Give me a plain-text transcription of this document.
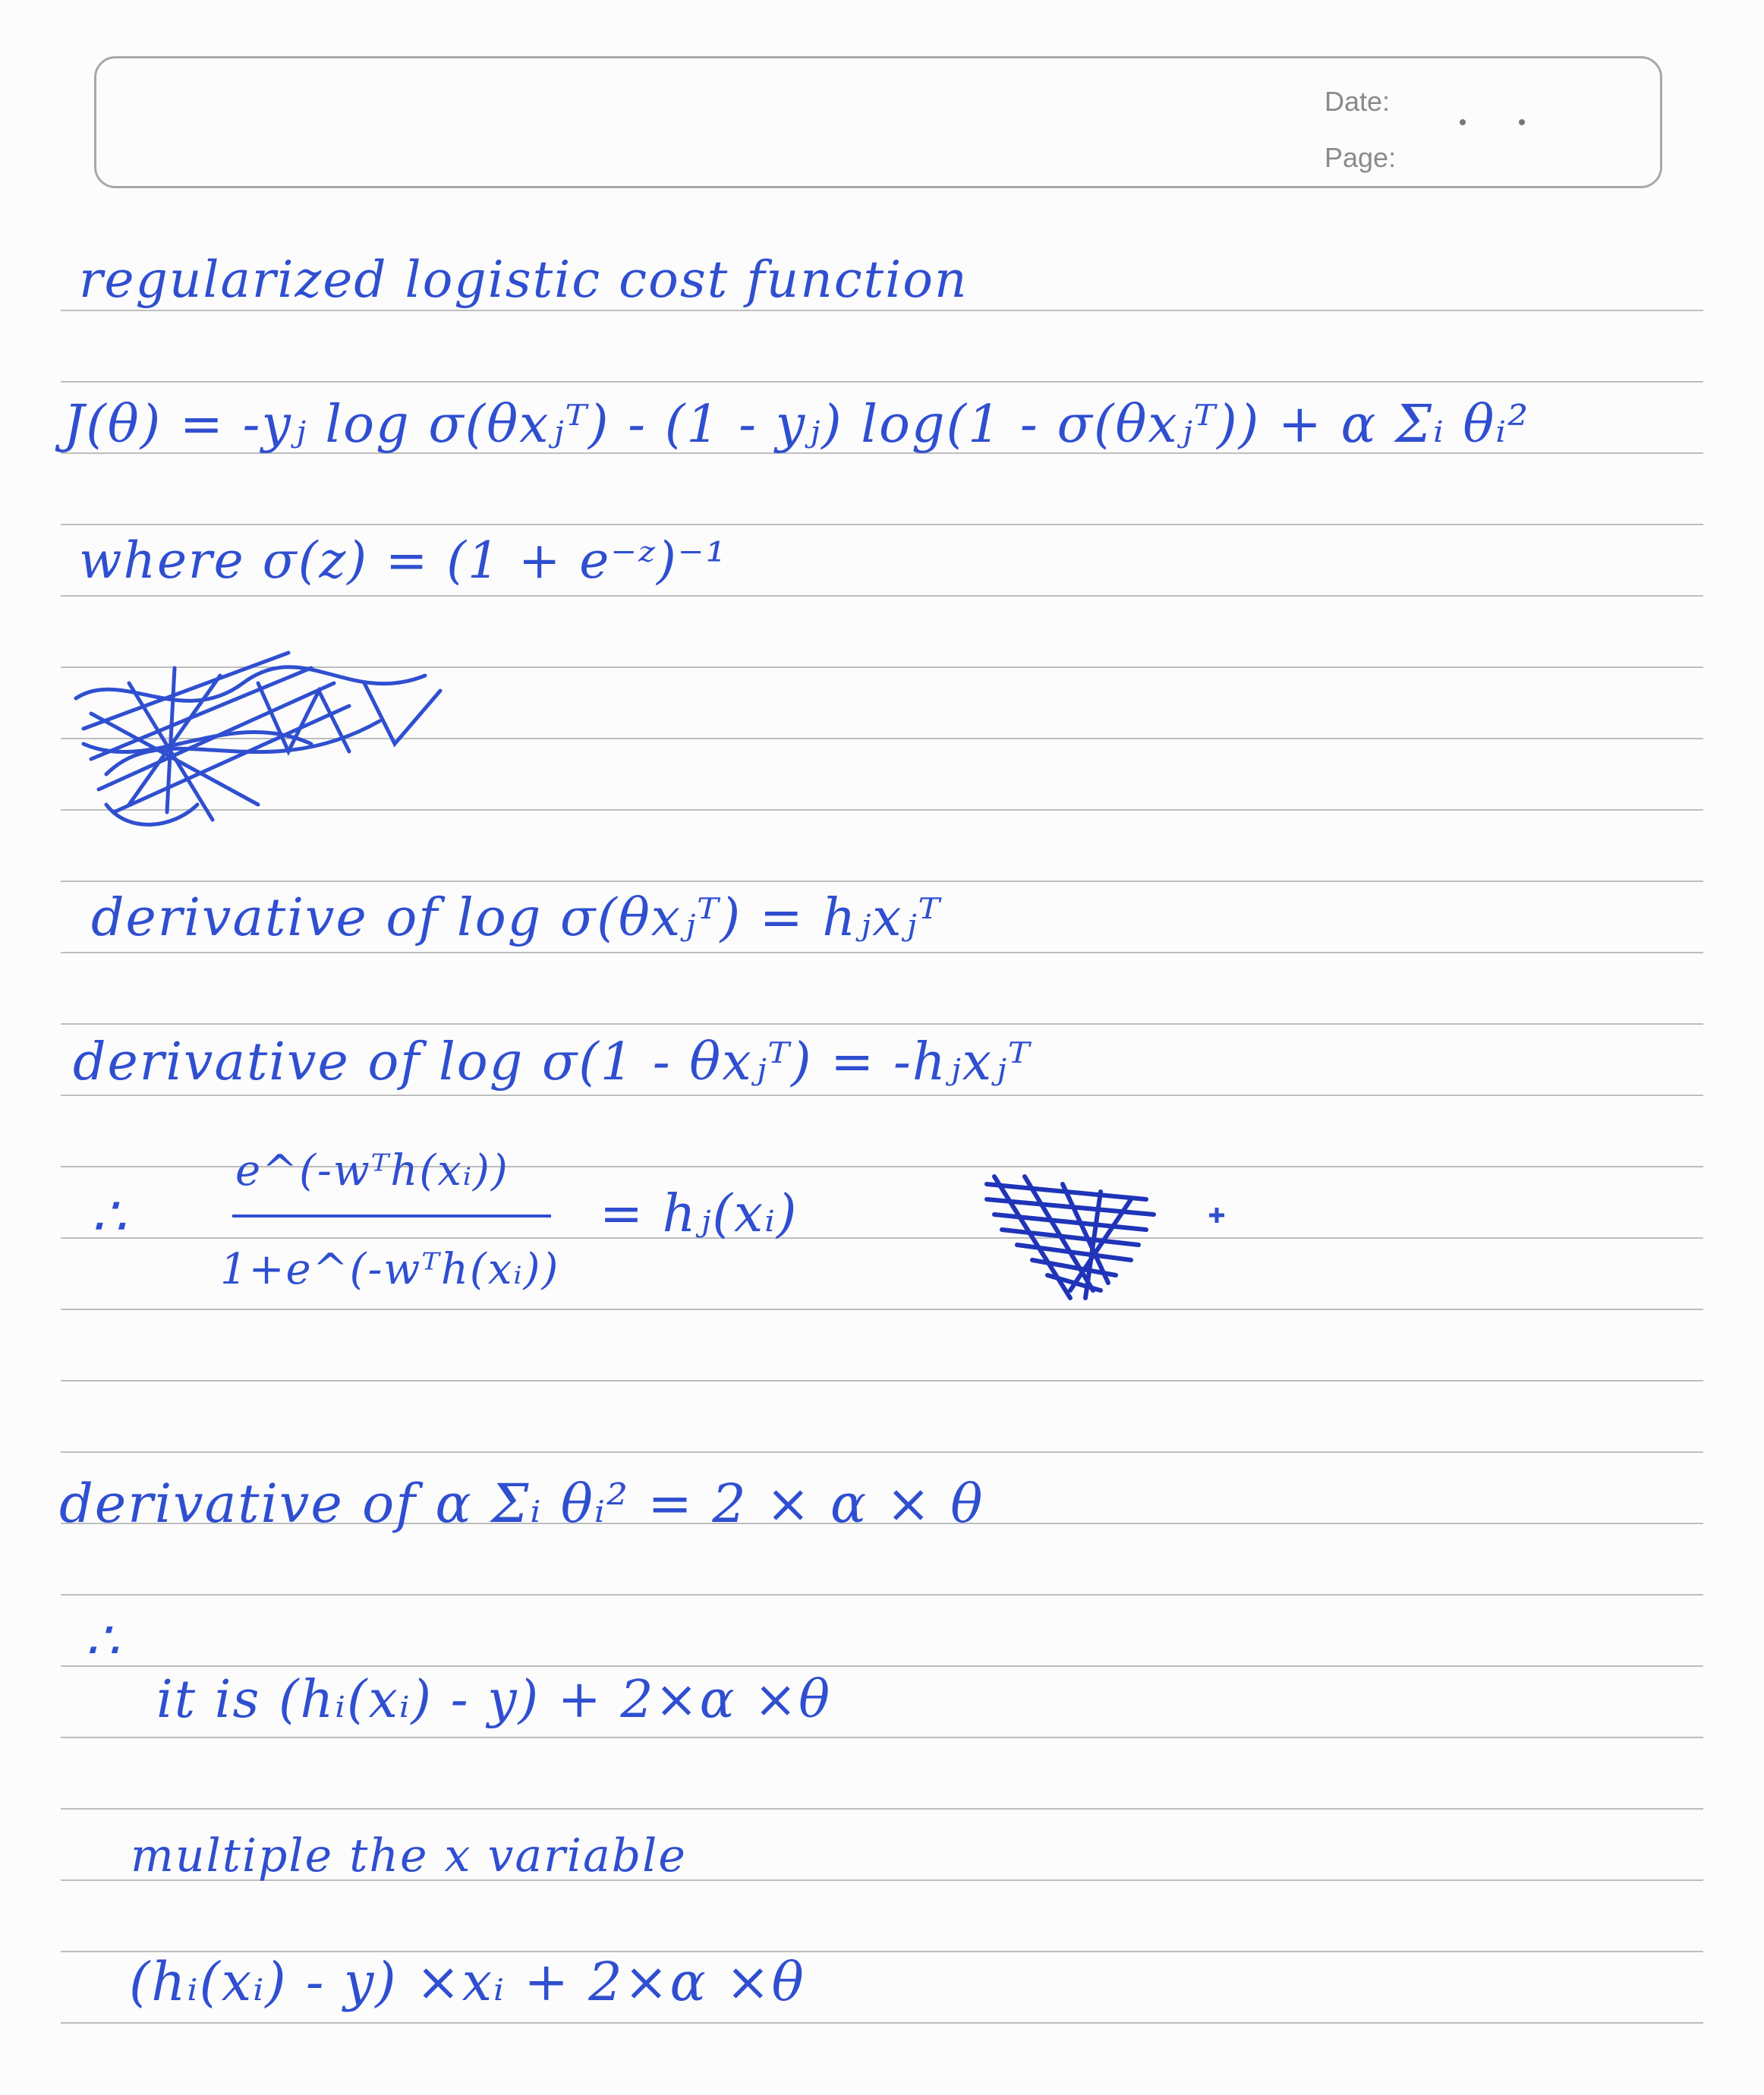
Date:
Page:
regularized logistic cost function
J(θ) = -yⱼ log σ(θxⱼᵀ) - (1 - yⱼ) log(1 - σ(θxⱼᵀ)) + α Σᵢ θᵢ²
where σ(z) = (1 + e⁻ᶻ)⁻¹
derivative of log σ(θxⱼᵀ) = hⱼxⱼᵀ
derivative of log σ(1 - θxⱼᵀ) = -hⱼxⱼᵀ
∴
e^(-wᵀh(xᵢ))
1+e^(-wᵀh(xᵢ))
= hⱼ(xᵢ)
derivative of α Σᵢ θᵢ² = 2 × α × θ
∴
it is (hᵢ(xᵢ) - y) + 2×α ×θ
multiple the x variable
(hᵢ(xᵢ) - y) ×xᵢ + 2×α ×θ
